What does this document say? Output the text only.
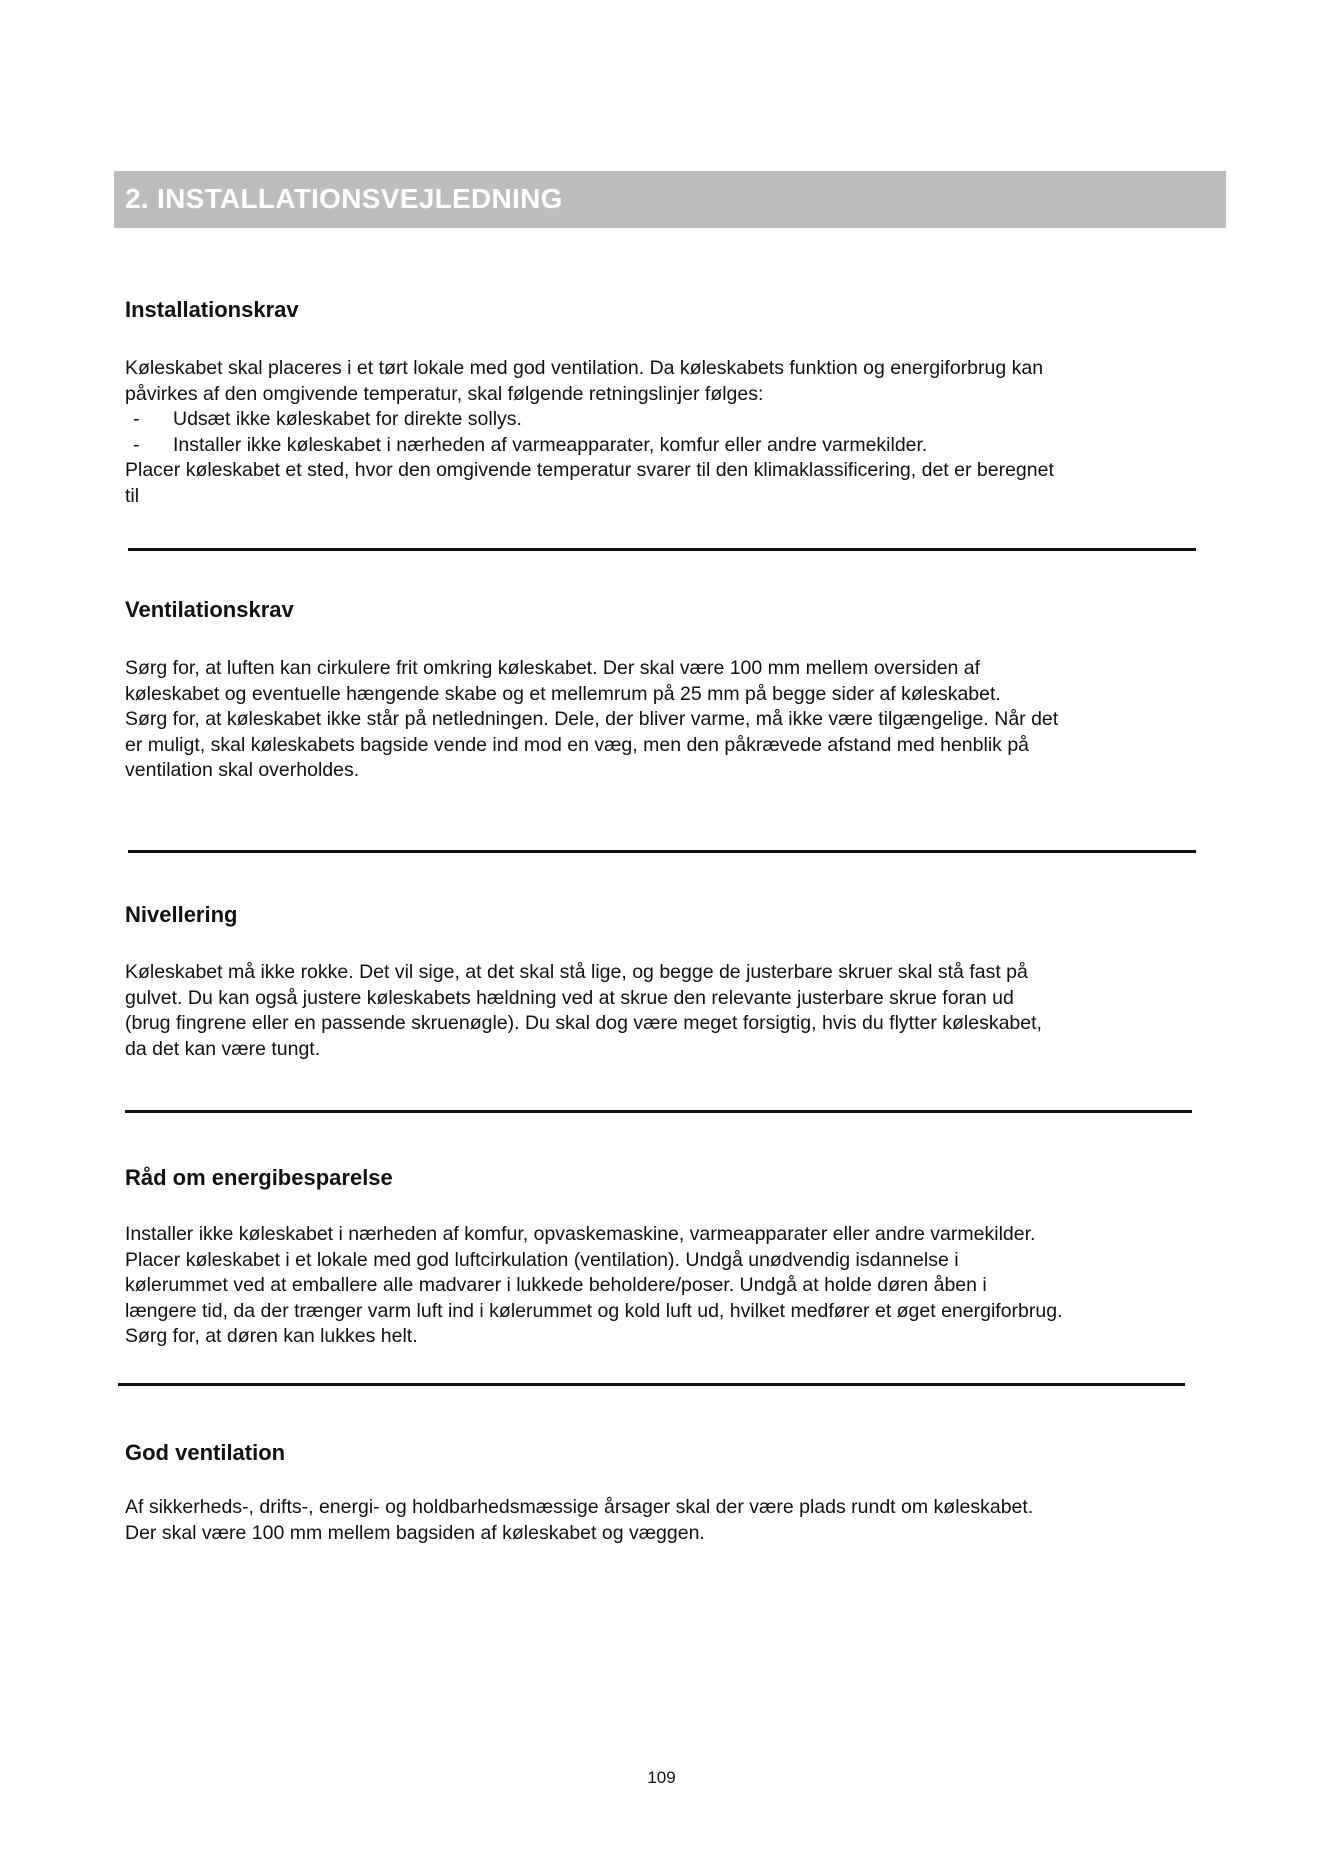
2. INSTALLATIONSVEJLEDNING
Installationskrav

Køleskabet skal placeres i et tørt lokale med god ventilation. Da køleskabets funktion og energiforbrug kan

påvirkes af den omgivende temperatur, skal følgende retningslinjer følges:

- Udsæt ikke køleskabet for direkte sollys.

- Installer ikke køleskabet i nærheden af varmeapparater, komfur eller andre varmekilder.

Placer køleskabet et sted, hvor den omgivende temperatur svarer til den klimaklassificering, det er beregnet

til

Ventilationskrav

Sørg for, at luften kan cirkulere frit omkring køleskabet. Der skal være 100 mm mellem oversiden af

køleskabet og eventuelle hængende skabe og et mellemrum på 25 mm på begge sider af køleskabet.

Sørg for, at køleskabet ikke står på netledningen. Dele, der bliver varme, må ikke være tilgængelige. Når det

er muligt, skal køleskabets bagside vende ind mod en væg, men den påkrævede afstand med henblik på

ventilation skal overholdes.

Nivellering

Køleskabet må ikke rokke. Det vil sige, at det skal stå lige, og begge de justerbare skruer skal stå fast på

gulvet. Du kan også justere køleskabets hældning ved at skrue den relevante justerbare skrue foran ud

(brug fingrene eller en passende skruenøgle). Du skal dog være meget forsigtig, hvis du flytter køleskabet,

da det kan være tungt.

Råd om energibesparelse

Installer ikke køleskabet i nærheden af komfur, opvaskemaskine, varmeapparater eller andre varmekilder.

Placer køleskabet i et lokale med god luftcirkulation (ventilation). Undgå unødvendig isdannelse i

kølerummet ved at emballere alle madvarer i lukkede beholdere/poser. Undgå at holde døren åben i

længere tid, da der trænger varm luft ind i kølerummet og kold luft ud, hvilket medfører et øget energiforbrug.

Sørg for, at døren kan lukkes helt.

God ventilation

Af sikkerheds-, drifts-, energi- og holdbarhedsmæssige årsager skal der være plads rundt om køleskabet.

Der skal være 100 mm mellem bagsiden af køleskabet og væggen.

109
